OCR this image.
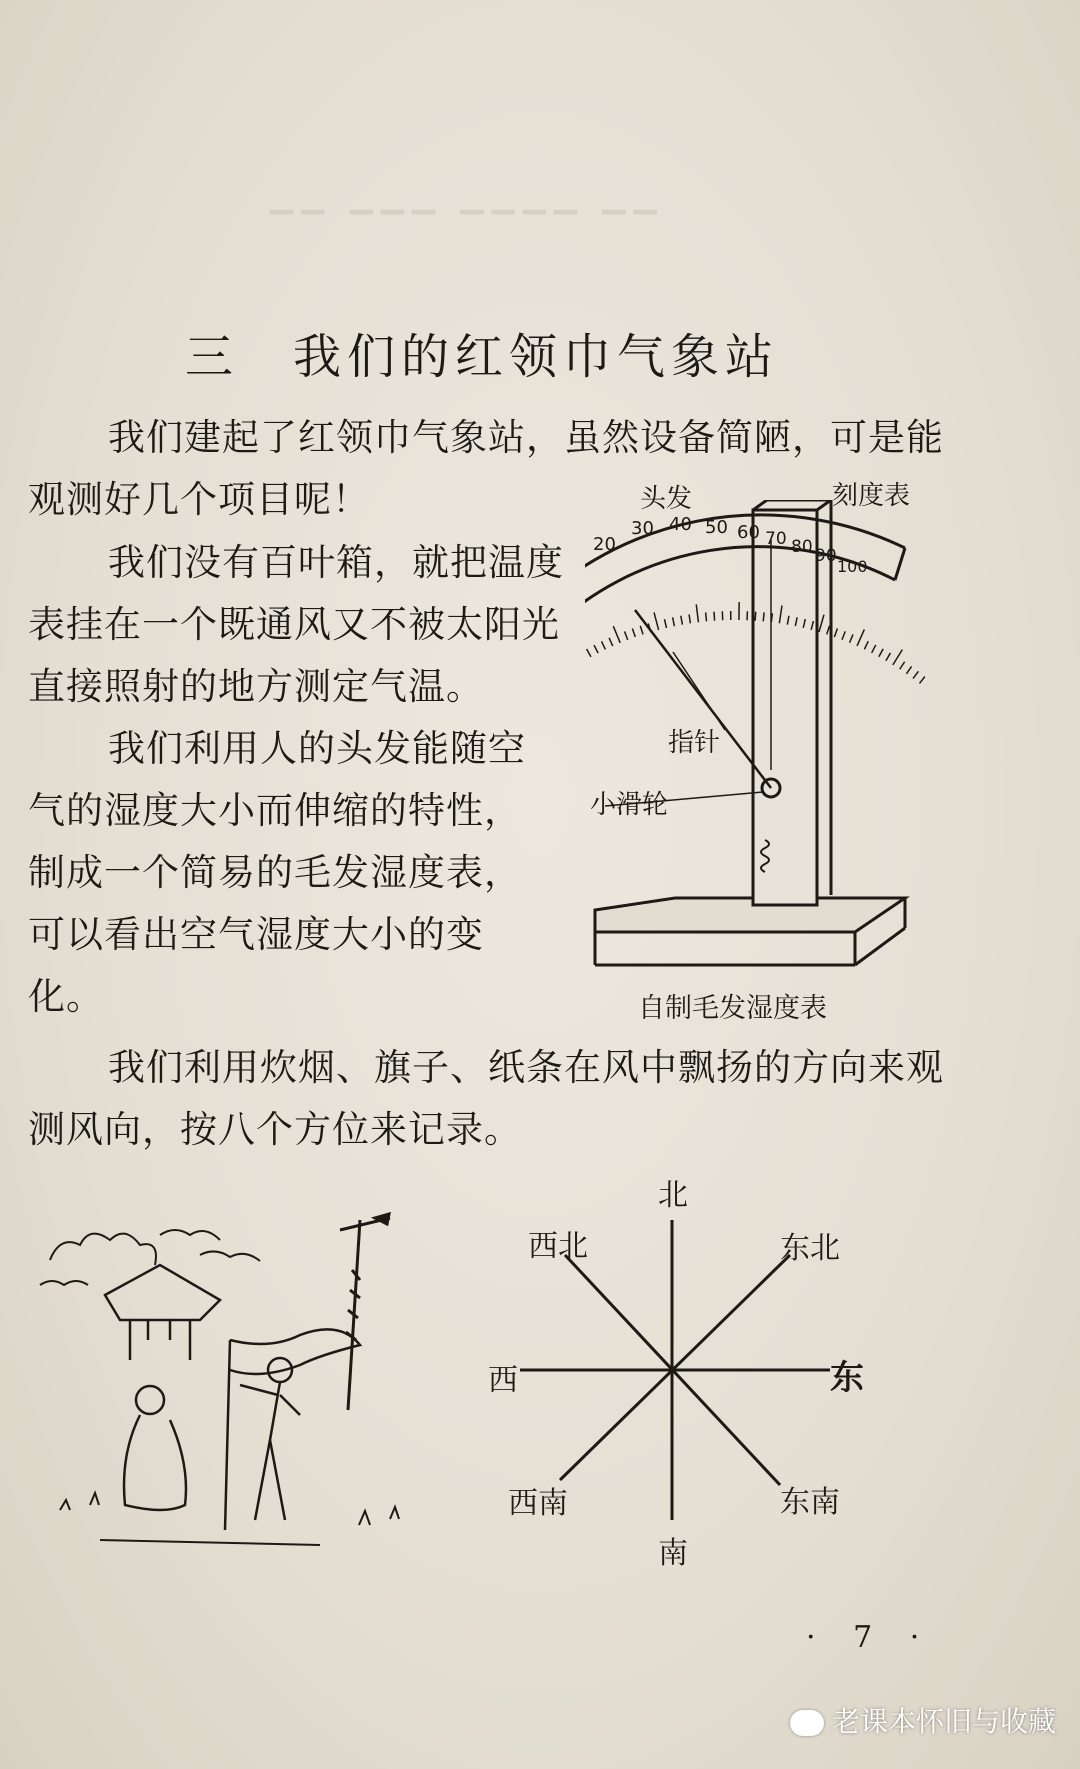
▁▁ ▁▁▁ ▁▁▁▁ ▁▁
三 我们的红领巾气象站
我们建起了红领巾气象站，虽然设备简陋，可是能观测好几个项目呢！
我们没有百叶箱，就把温度表挂在一个既通风又不被太阳光直接照射的地方测定气温。
我们利用人的头发能随空气的湿度大小而伸缩的特性，制成一个简易的毛发湿度表，可以看出空气湿度大小的变化。
我们利用炊烟、旗子、纸条在风中飘扬的方向来观测风向，按八个方位来记录。
20
30 40 50 60 70 80 90
100
头发	刻度表
指针
小滑轮
自制毛发湿度表
北
东北
东
东南
南
西南
西
西北
· 7 ·
老课本怀旧与收藏
